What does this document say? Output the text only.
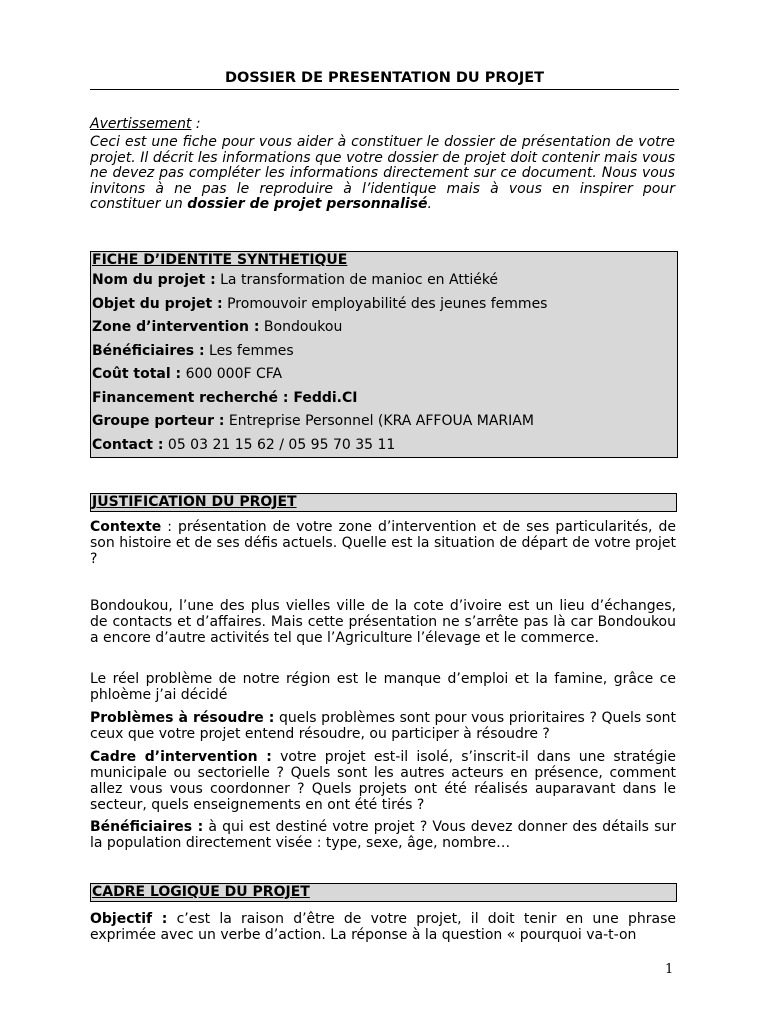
DOSSIER DE PRESENTATION DU PROJET
Avertissement :

Ceci est une fiche pour vous aider à constituer le dossier de présentation de votre projet. Il décrit les informations que votre dossier de projet doit contenir mais vous ne devez pas compléter les informations directement sur ce document. Nous vous invitons à ne pas le reproduire à l’identique mais à vous en inspirer pour constituer un dossier de projet personnalisé.

FICHE D’IDENTITE SYNTHETIQUE
Nom du projet : La transformation de manioc en Attiéké
Objet du projet : Promouvoir employabilité des jeunes femmes
Zone d’intervention : Bondoukou
Bénéficiaires : Les femmes
Coût total : 600 000F CFA
Financement recherché : Feddi.CI
Groupe porteur : Entreprise Personnel (KRA AFFOUA MARIAM
Contact : 05 03 21 15 62 / 05 95 70 35 11
JUSTIFICATION DU PROJET

Contexte : présentation de votre zone d’intervention et de ses particularités, de son histoire et de ses défis actuels. Quelle est la situation de départ de votre projet ?

Bondoukou, l’une des plus vielles ville de la cote d’ivoire est un lieu d’échanges, de contacts et d’affaires. Mais cette présentation ne s’arrête pas là car Bondoukou a encore d’autre activités tel que l’Agriculture l’élevage et le commerce.

Le réel problème de notre région est le manque d’emploi et la famine, grâce ce phloème j’ai décidé

Problèmes à résoudre : quels problèmes sont pour vous prioritaires ? Quels sont ceux que votre projet entend résoudre, ou participer à résoudre ?

Cadre d’intervention : votre projet est-il isolé, s’inscrit-il dans une stratégie municipale ou sectorielle ? Quels sont les autres acteurs en présence, comment allez vous vous coordonner ? Quels projets ont été réalisés auparavant dans le secteur, quels enseignements en ont été tirés ?

Bénéficiaires : à qui est destiné votre projet ? Vous devez donner des détails sur la population directement visée : type, sexe, âge, nombre…

CADRE LOGIQUE DU PROJET

Objectif : c’est la raison d’être de votre projet, il doit tenir en une phrase exprimée avec un verbe d’action. La réponse à la question « pourquoi va-t-on

1
